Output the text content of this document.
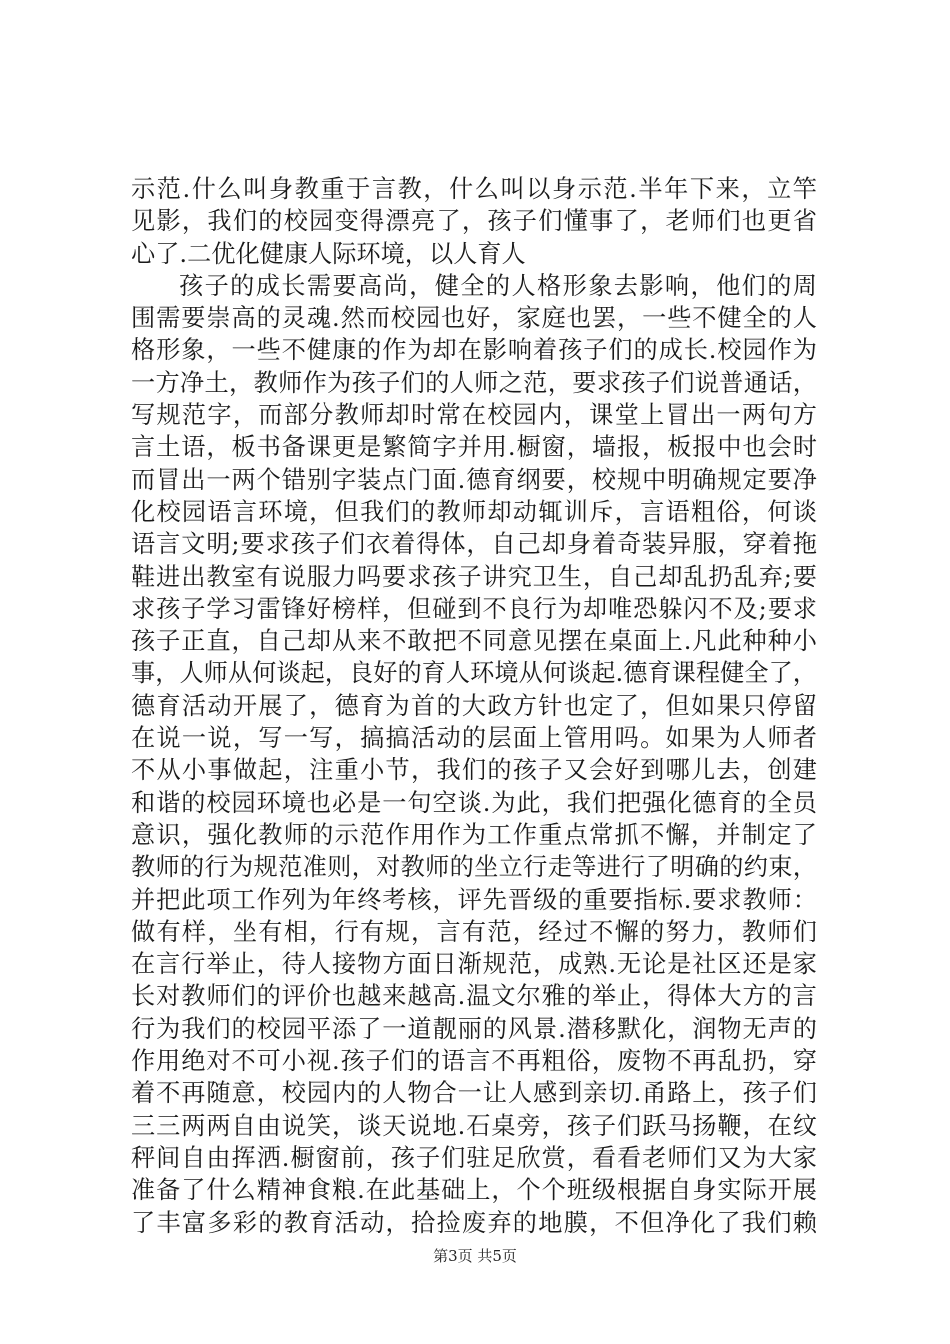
示范.什么叫身教重于言教，什么叫以身示范.半年下来，立竿
见影，我们的校园变得漂亮了，孩子们懂事了，老师们也更省
心了.二优化健康人际环境，以人育人
孩子的成长需要高尚，健全的人格形象去影响，他们的周
围需要崇高的灵魂.然而校园也好，家庭也罢，一些不健全的人
格形象，一些不健康的作为却在影响着孩子们的成长.校园作为
一方净土，教师作为孩子们的人师之范，要求孩子们说普通话，
写规范字，而部分教师却时常在校园内，课堂上冒出一两句方
言土语，板书备课更是繁简字并用.橱窗，墙报，板报中也会时
而冒出一两个错别字装点门面.德育纲要，校规中明确规定要净
化校园语言环境，但我们的教师却动辄训斥，言语粗俗，何谈
语言文明;要求孩子们衣着得体，自己却身着奇装异服，穿着拖
鞋进出教室有说服力吗要求孩子讲究卫生，自己却乱扔乱弃;要
求孩子学习雷锋好榜样，但碰到不良行为却唯恐躲闪不及;要求
孩子正直，自己却从来不敢把不同意见摆在桌面上.凡此种种小
事，人师从何谈起，良好的育人环境从何谈起.德育课程健全了，
德育活动开展了，德育为首的大政方针也定了，但如果只停留
在说一说，写一写，搞搞活动的层面上管用吗。如果为人师者
不从小事做起，注重小节，我们的孩子又会好到哪儿去，创建
和谐的校园环境也必是一句空谈.为此，我们把强化德育的全员
意识，强化教师的示范作用作为工作重点常抓不懈，并制定了
教师的行为规范准则，对教师的坐立行走等进行了明确的约束，
并把此项工作列为年终考核，评先晋级的重要指标.要求教师：
做有样，坐有相，行有规，言有范，经过不懈的努力，教师们
在言行举止，待人接物方面日渐规范，成熟.无论是社区还是家
长对教师们的评价也越来越高.温文尔雅的举止，得体大方的言
行为我们的校园平添了一道靓丽的风景.潜移默化，润物无声的
作用绝对不可小视.孩子们的语言不再粗俗，废物不再乱扔，穿
着不再随意，校园内的人物合一让人感到亲切.甬路上，孩子们
三三两两自由说笑，谈天说地.石桌旁，孩子们跃马扬鞭，在纹
秤间自由挥洒.橱窗前，孩子们驻足欣赏，看看老师们又为大家
准备了什么精神食粮.在此基础上，个个班级根据自身实际开展
了丰富多彩的教育活动，拾捡废弃的地膜，不但净化了我们赖
第3页 共5页
